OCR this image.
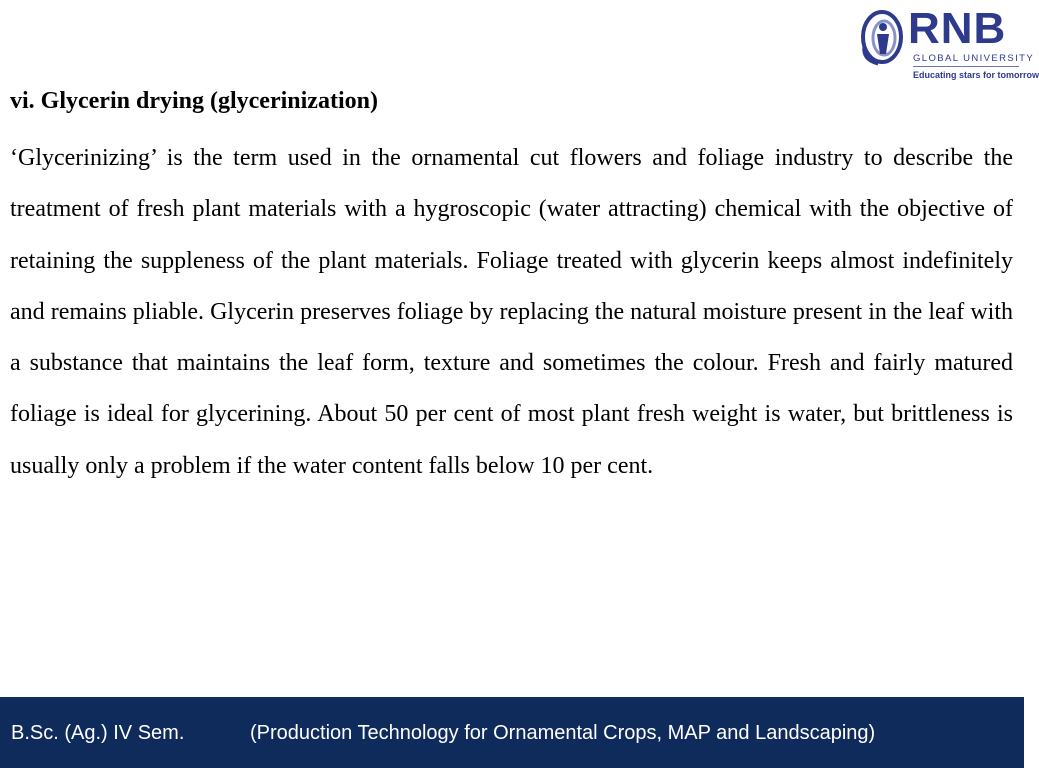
RNB
GLOBAL UNIVERSITY
Educating stars for tomorrow
vi. Glycerin drying (glycerinization)

‘Glycerinizing’ is the term used in the ornamental cut flowers and foliage industry to describe the treatment of fresh plant materials with a hygroscopic (water attracting) chemical with the objective of retaining the suppleness of the plant materials. Foliage treated with glycerin keeps almost indefinitely and remains pliable. Glycerin preserves foliage by replacing the natural moisture present in the leaf with a substance that maintains the leaf form, texture and sometimes the colour. Fresh and fairly matured foliage is ideal for glycerining. About 50 per cent of most plant fresh weight is water, but brittleness is usually only a problem if the water content falls below 10 per cent.

B.Sc. (Ag.) IV Sem.	(Production Technology for Ornamental Crops, MAP and Landscaping)
